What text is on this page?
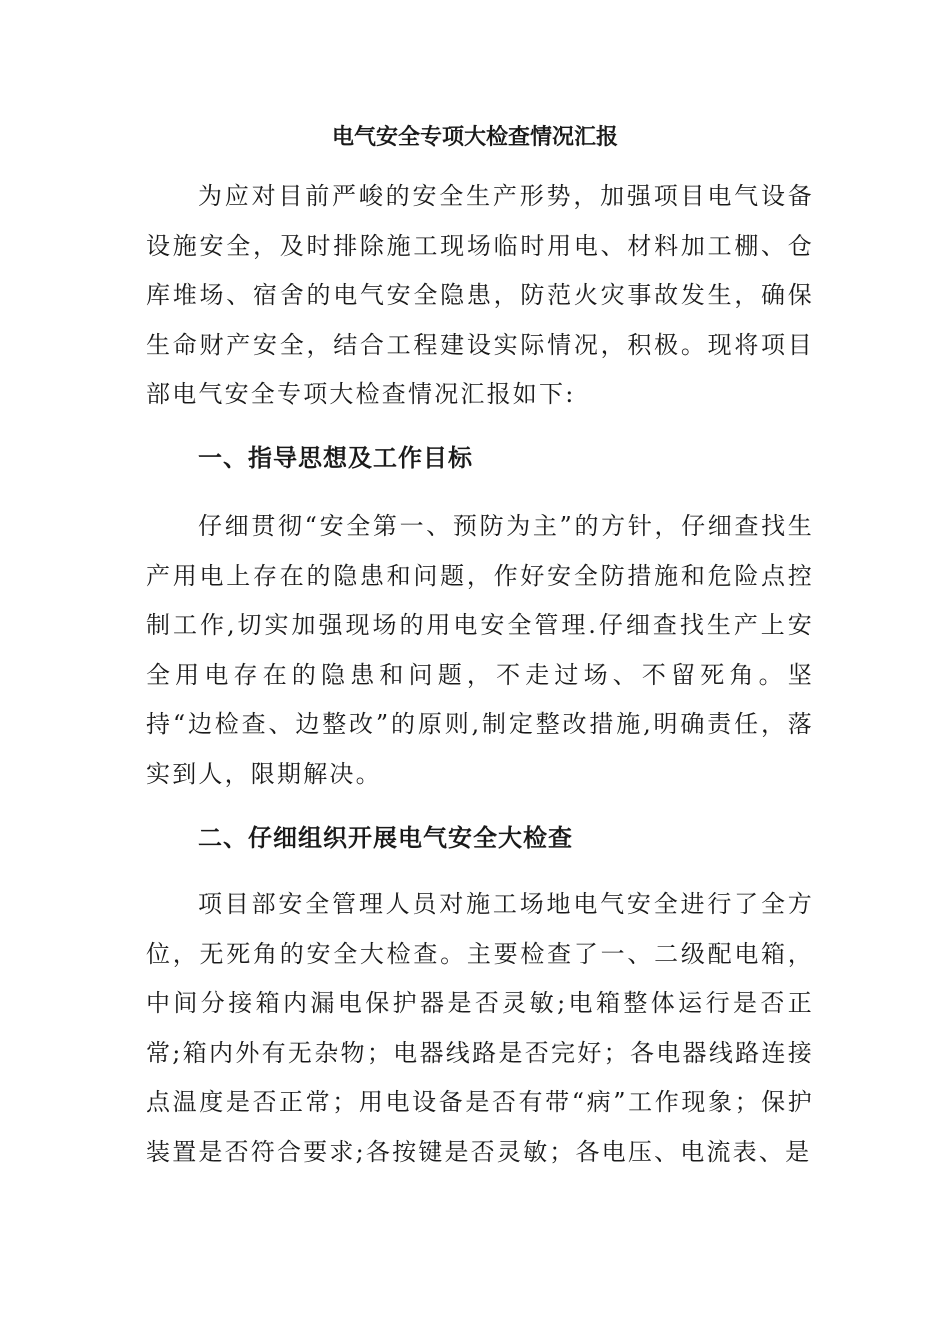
电气安全专项大检查情况汇报

为应对目前严峻的安全生产形势，加强项目电气设备设施安全，及时排除施工现场临时用电、材料加工棚、仓库堆场、宿舍的电气安全隐患，防范火灾事故发生，确保生命财产安全，结合工程建设实际情况，积极。现将项目部电气安全专项大检查情况汇报如下:

一、指导思想及工作目标

仔细贯彻“安全第一、预防为主”的方针，仔细查找生产用电上存在的隐患和问题，作好安全防措施和危险点控制工作,切实加强现场的用电安全管理.仔细查找生产上安全用电存在的隐患和问题，不走过场、不留死角。坚持“边检查、边整改”的原则,制定整改措施,明确责任，落实到人，限期解决。

二、仔细组织开展电气安全大检查

项目部安全管理人员对施工场地电气安全进行了全方位，无死角的安全大检查。主要检查了一、二级配电箱，中间分接箱内漏电保护器是否灵敏;电箱整体运行是否正常;箱内外有无杂物；电器线路是否完好；各电器线路连接点温度是否正常；用电设备是否有带“病”工作现象；保护装置是否符合要求;各按键是否灵敏；各电压、电流表、是
